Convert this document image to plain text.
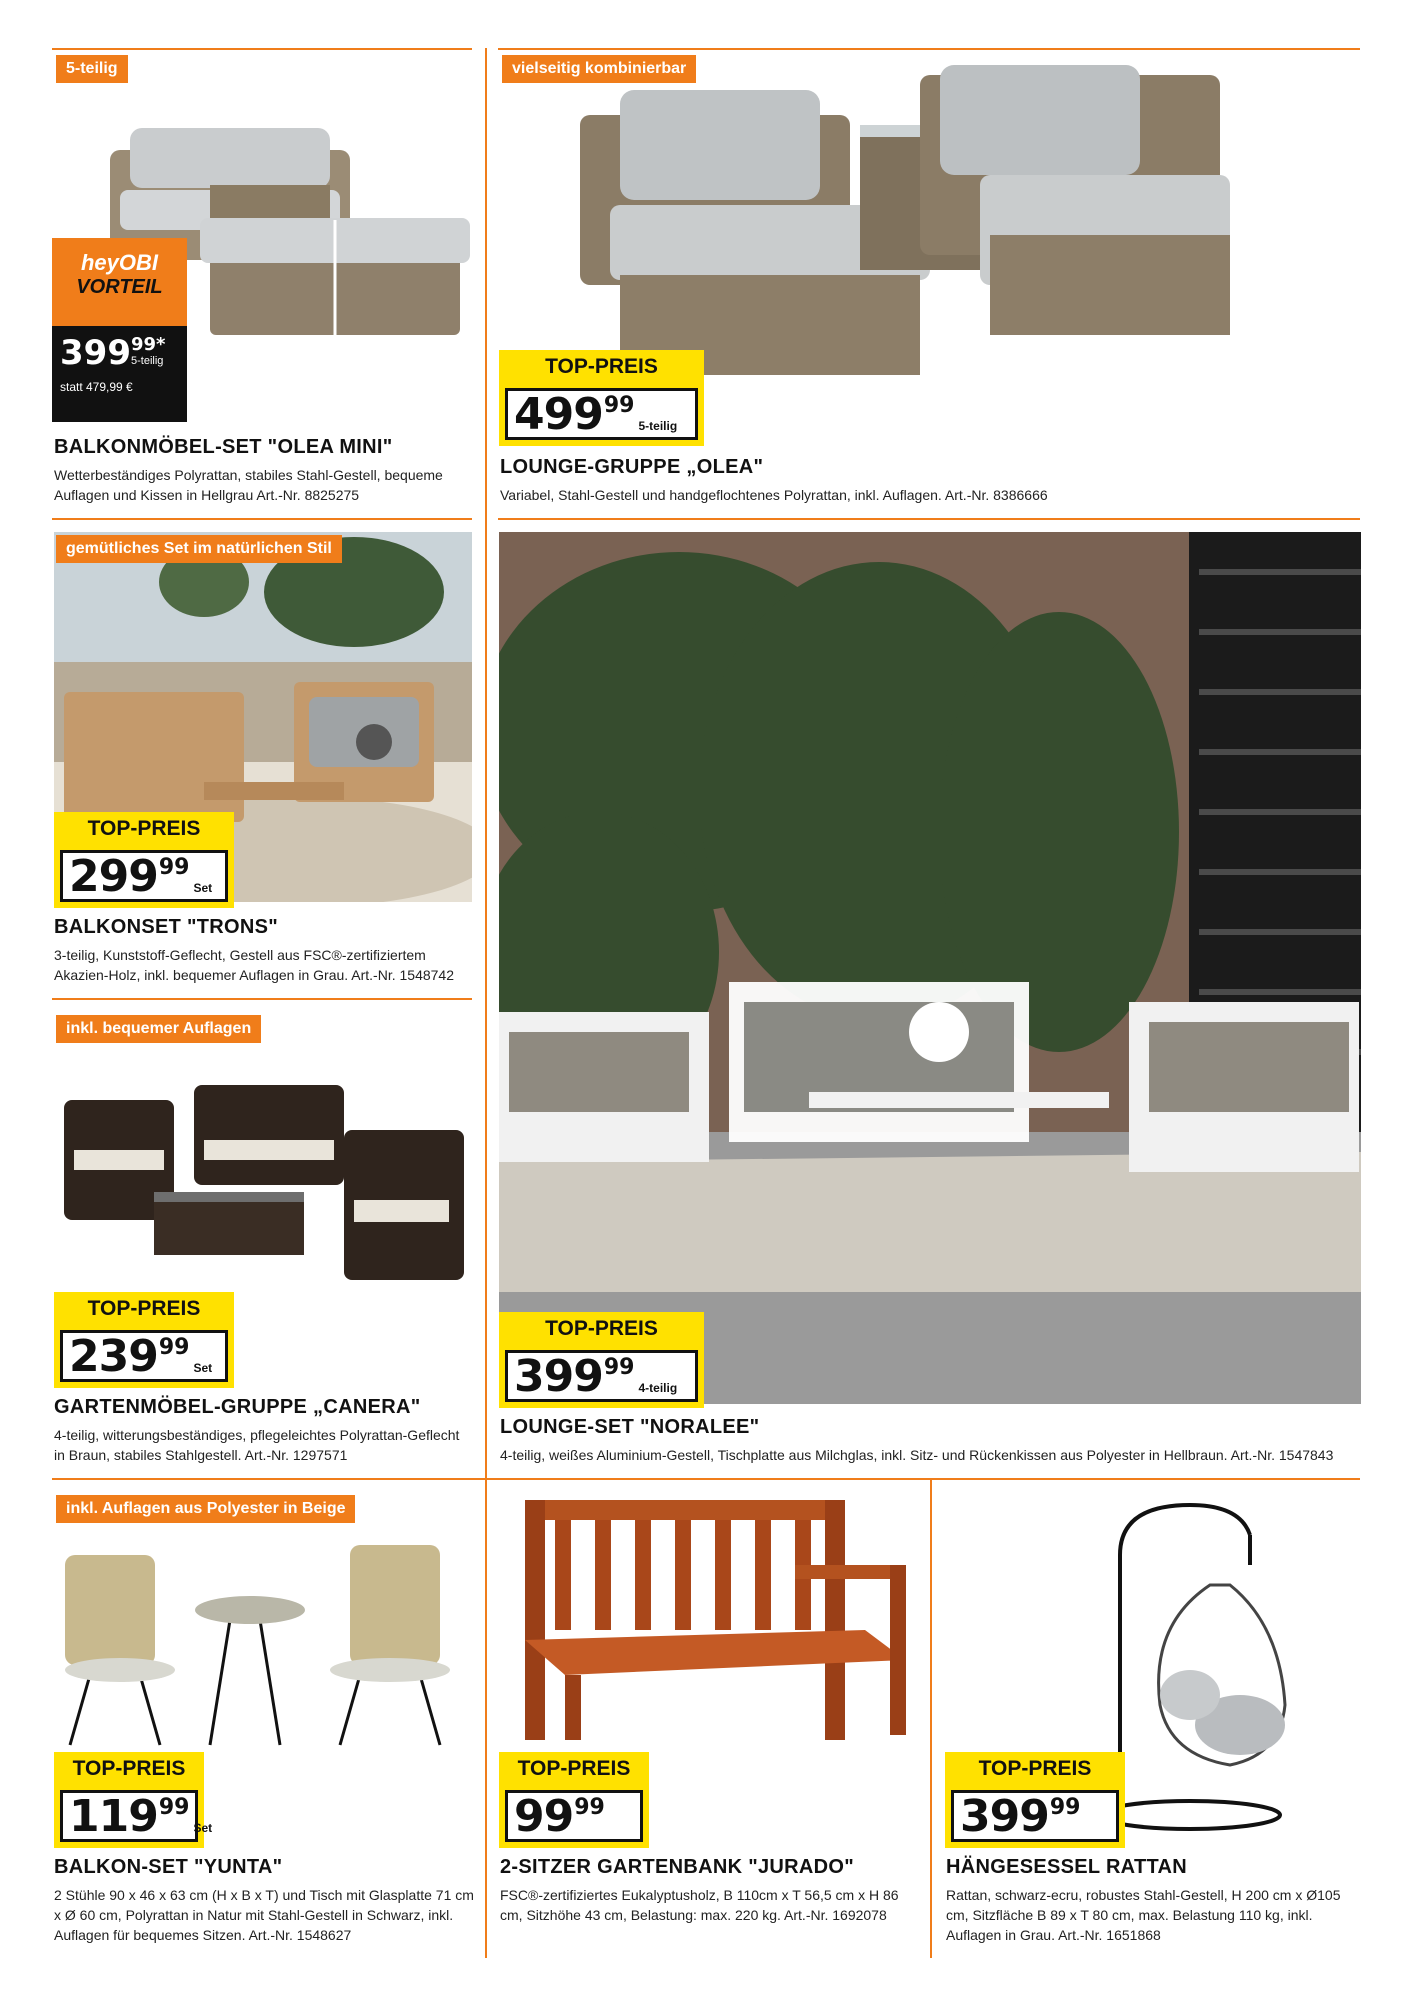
5-teilig
heyOBI
VORTEIL
399 99 *
5-teilig
statt 479,99 €
BALKONMÖBEL-SET "OLEA MINI"
Wetterbeständiges Polyrattan, stabiles Stahl-Gestell, bequeme Auflagen und Kissen in Hellgrau Art.-Nr. 8825275
vielseitig kombinierbar
TOP-PREIS
499 99
5-teilig
LOUNGE-GRUPPE „OLEA"
Variabel, Stahl-Gestell und handgeflochtenes Polyrattan, inkl. Auflagen. Art.-Nr. 8386666
gemütliches Set im natürlichen Stil
TOP-PREIS
299 99
Set
BALKONSET "TRONS"
3-teilig, Kunststoff-Geflecht, Gestell aus FSC®-zertifiziertem Akazien-Holz, inkl. bequemer Auflagen in Grau. Art.-Nr. 1548742
inkl. bequemer Auflagen
TOP-PREIS
239 99
Set
GARTENMÖBEL-GRUPPE „CANERA"
4-teilig, witterungsbeständiges, pflegeleichtes Polyrattan-Geflecht in Braun, stabiles Stahlgestell. Art.-Nr. 1297571
TOP-PREIS
399 99
4-teilig
LOUNGE-SET "NORALEE"
4-teilig, weißes Aluminium-Gestell, Tischplatte aus Milchglas, inkl. Sitz- und Rückenkissen aus Polyester in Hellbraun. Art.-Nr. 1547843
inkl. Auflagen aus Polyester in Beige
TOP-PREIS
119 99
Set
BALKON-SET "YUNTA"
2 Stühle 90 x 46 x 63 cm (H x B x T) und Tisch mit Glasplatte 71 cm x Ø 60 cm, Polyrattan in Natur mit Stahl-Gestell in Schwarz, inkl. Auflagen für bequemes Sitzen. Art.-Nr. 1548627
TOP-PREIS
99 99
2-SITZER GARTENBANK "JURADO"
FSC®-zertifiziertes Eukalyptusholz, B 110cm x T 56,5 cm x H 86 cm, Sitzhöhe 43 cm, Belastung: max. 220 kg. Art.-Nr. 1692078
TOP-PREIS
399 99
HÄNGESESSEL RATTAN
Rattan, schwarz-ecru, robustes Stahl-Gestell, H 200 cm x Ø105 cm, Sitzfläche B 89 x T 80 cm, max. Belastung 110 kg, inkl. Auflagen in Grau. Art.-Nr. 1651868
